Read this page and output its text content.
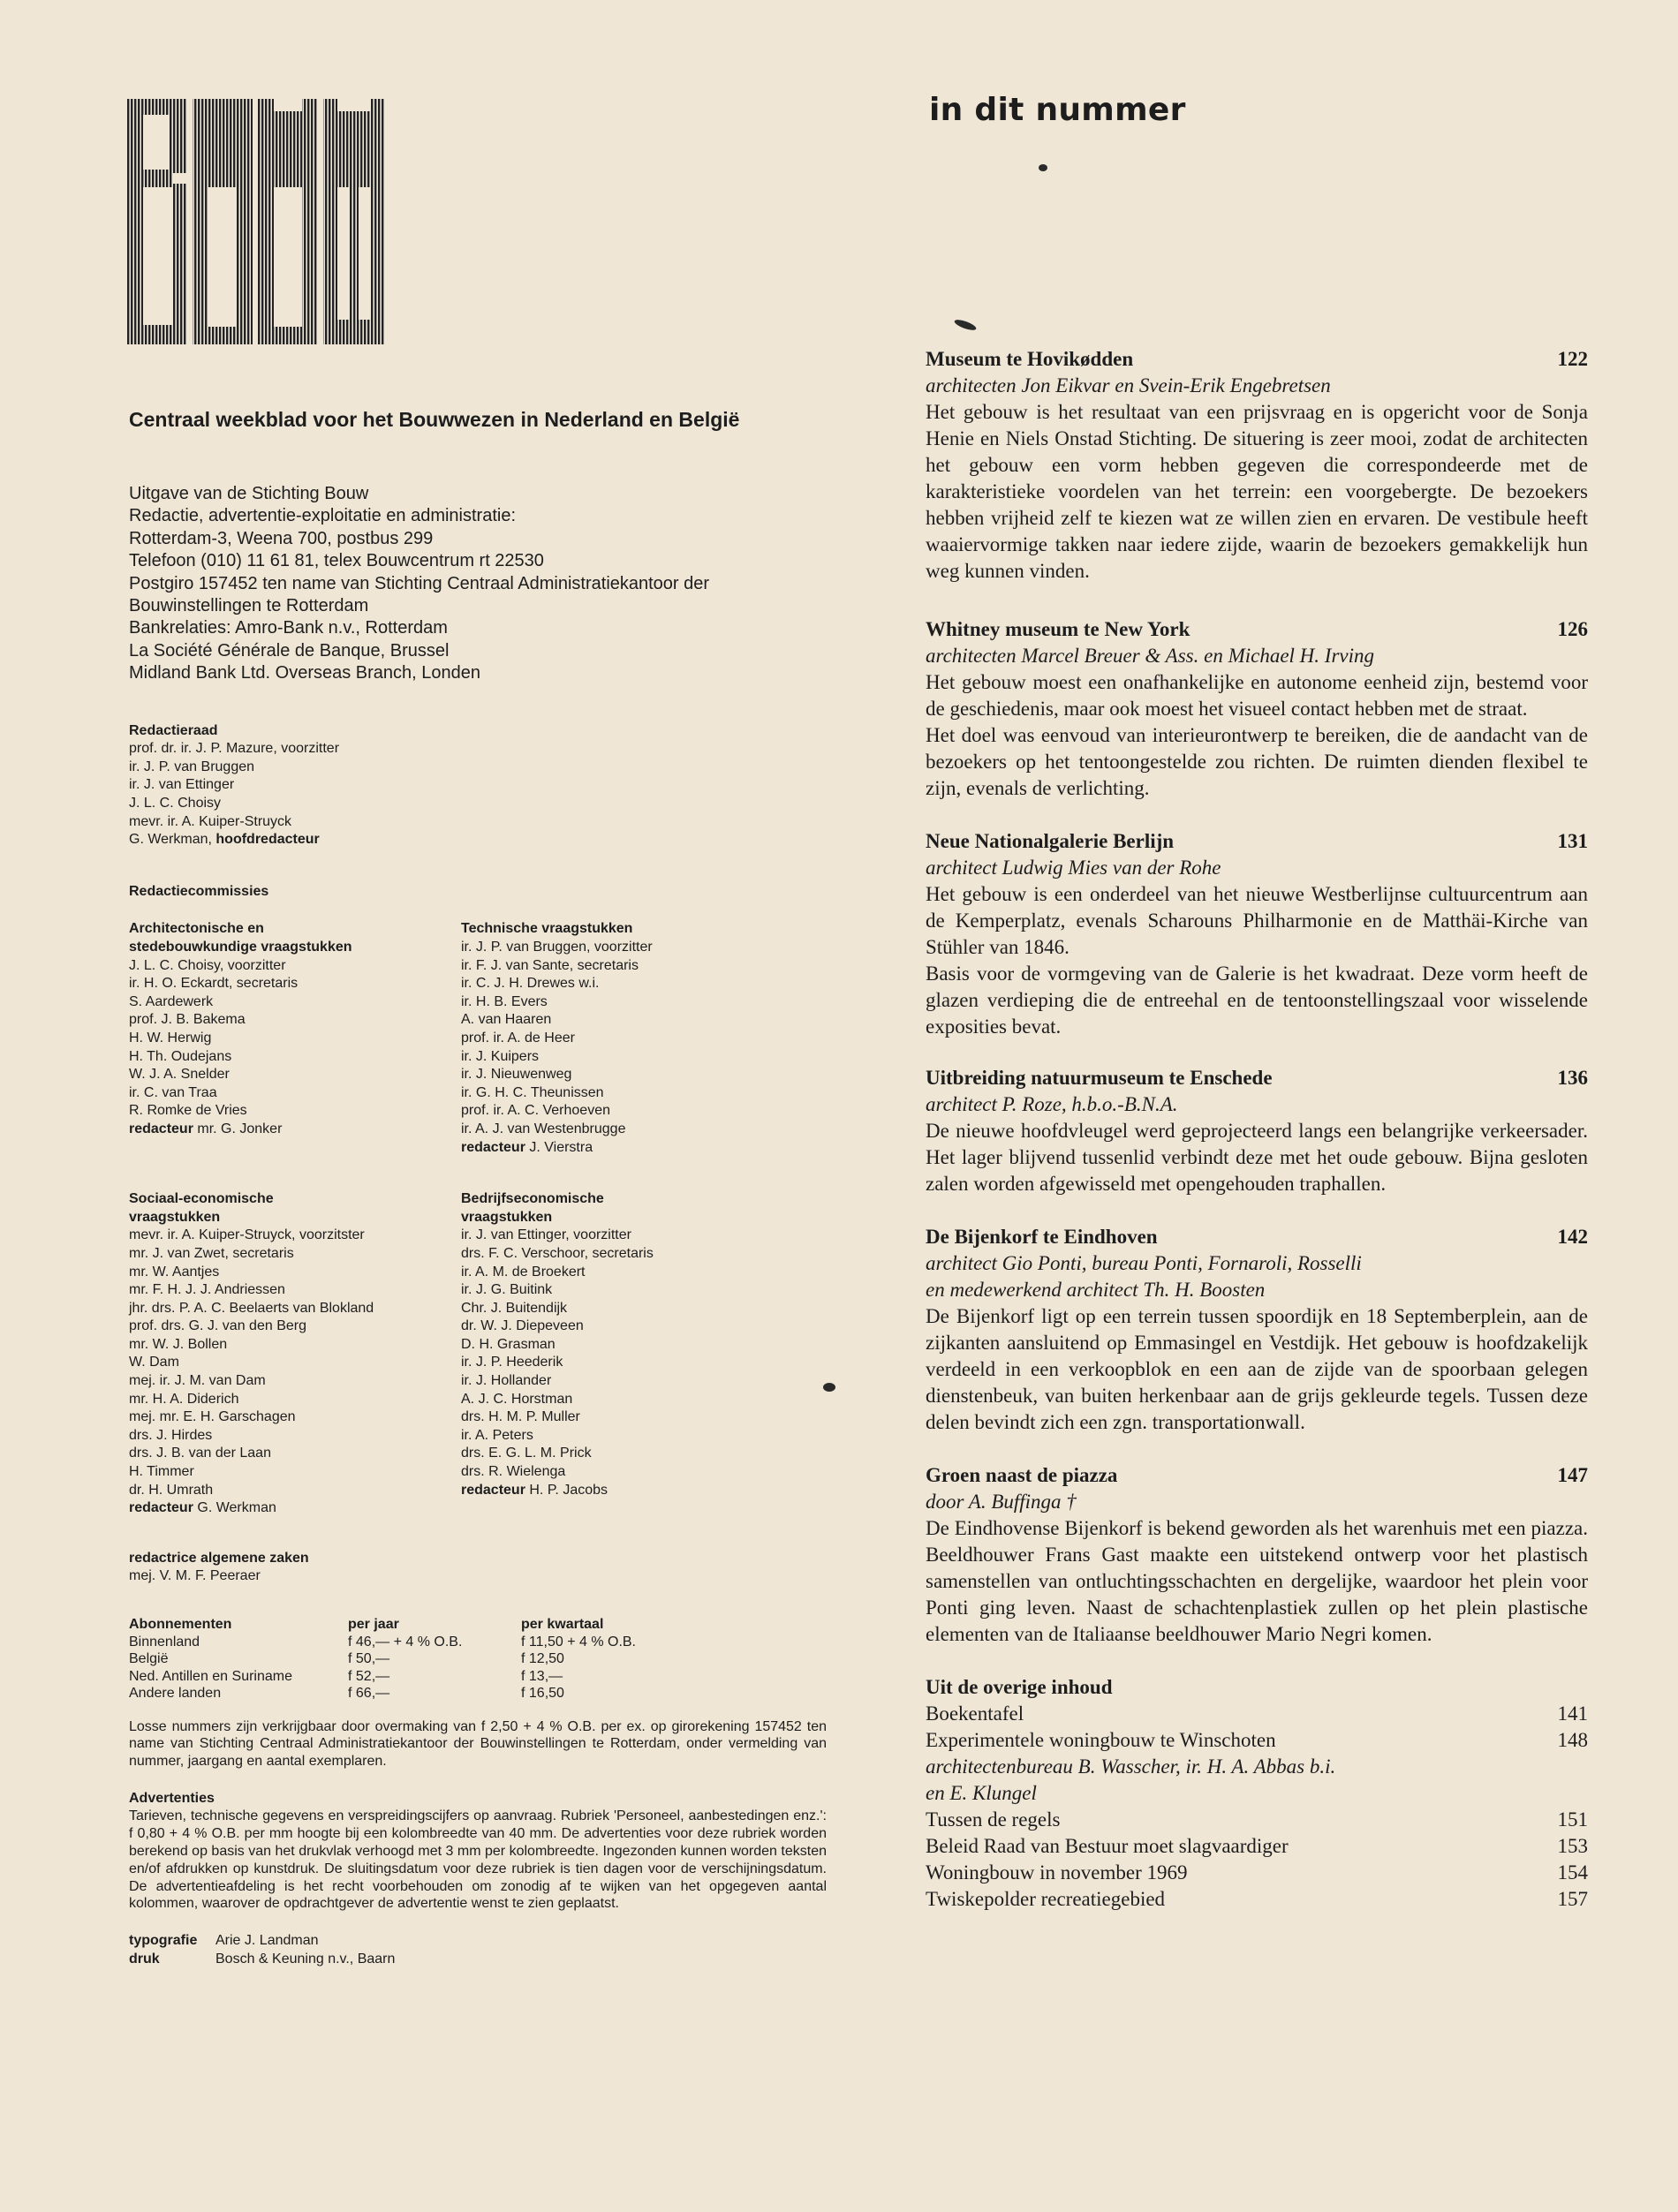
in dit nummer
Centraal weekblad voor het Bouwwezen in Nederland en België

Uitgave van de Stichting Bouw

Redactie, advertentie-exploitatie en administratie:

Rotterdam-3, Weena 700, postbus 299

Telefoon (010) 11 61 81, telex Bouwcentrum rt 22530

Postgiro 157452 ten name van Stichting Centraal Administratiekantoor der

Bouwinstellingen te Rotterdam

Bankrelaties: Amro-Bank n.v., Rotterdam

La Société Générale de Banque, Brussel

Midland Bank Ltd. Overseas Branch, Londen

Redactieraad
prof. dr. ir. J. P. Mazure, voorzitter
ir. J. P. van Bruggen
ir. J. van Ettinger
J. L. C. Choisy
mevr. ir. A. Kuiper-Struyck
G. Werkman, hoofdredacteur
Redactiecommissies
Architectonische en
stedebouwkundige vraagstukken
J. L. C. Choisy, voorzitter
ir. H. O. Eckardt, secretaris
S. Aardewerk
prof. J. B. Bakema
H. W. Herwig
H. Th. Oudejans
W. J. A. Snelder
ir. C. van Traa
R. Romke de Vries
redacteur mr. G. Jonker
Technische vraagstukken
ir. J. P. van Bruggen, voorzitter
ir. F. J. van Sante, secretaris
ir. C. J. H. Drewes w.i.
ir. H. B. Evers
A. van Haaren
prof. ir. A. de Heer
ir. J. Kuipers
ir. J. Nieuwenweg
ir. G. H. C. Theunissen
prof. ir. A. C. Verhoeven
ir. A. J. van Westenbrugge
redacteur J. Vierstra
Sociaal-economische
vraagstukken
mevr. ir. A. Kuiper-Struyck, voorzitster
mr. J. van Zwet, secretaris
mr. W. Aantjes
mr. F. H. J. J. Andriessen
jhr. drs. P. A. C. Beelaerts van Blokland
prof. drs. G. J. van den Berg
mr. W. J. Bollen
W. Dam
mej. ir. J. M. van Dam
mr. H. A. Diderich
mej. mr. E. H. Garschagen
drs. J. Hirdes
drs. J. B. van der Laan
H. Timmer
dr. H. Umrath
redacteur G. Werkman
Bedrijfseconomische
vraagstukken
ir. J. van Ettinger, voorzitter
drs. F. C. Verschoor, secretaris
ir. A. M. de Broekert
ir. J. G. Buitink
Chr. J. Buitendijk
dr. W. J. Diepeveen
D. H. Grasman
ir. J. P. Heederik
ir. J. Hollander
A. J. C. Horstman
drs. H. M. P. Muller
ir. A. Peters
drs. E. G. L. M. Prick
drs. R. Wielenga
redacteur H. P. Jacobs
redactrice algemene zaken
mej. V. M. F. Peeraer
Abonnementen	per jaar	per kwartaal
Binnenland	f 46,— + 4 % O.B.	f 11,50 + 4 % O.B.
België	f 50,—	f 12,50
Ned. Antillen en Suriname	f 52,—	f 13,—
Andere landen	f 66,—	f 16,50

Losse nummers zijn verkrijgbaar door overmaking van f 2,50 + 4 % O.B. per ex. op girorekening 157452 ten name van Stichting Centraal Administratiekantoor der Bouwinstellingen te Rotterdam, onder vermelding van nummer, jaargang en aantal exemplaren.

Advertenties

Tarieven, technische gegevens en verspreidingscijfers op aanvraag. Rubriek 'Personeel, aanbestedingen enz.': f 0,80 + 4 % O.B. per mm hoogte bij een kolombreedte van 40 mm. De advertenties voor deze rubriek worden berekend op basis van het drukvlak verhoogd met 3 mm per kolombreedte. Ingezonden kunnen worden teksten en/of afdrukken op kunstdruk. De sluitingsdatum voor deze rubriek is tien dagen voor de verschijningsdatum. De advertentieafdeling is het recht voorbehouden om zonodig af te wijken van het opgegeven aantal kolommen, waarover de opdrachtgever de advertentie wenst te zien geplaatst.

typografie Arie J. Landman
druk	Bosch & Keuning n.v., Baarn
Museum te Hovikødden	122
architecten Jon Eikvar en Svein-Erik Engebretsen

Het gebouw is het resultaat van een prijsvraag en is opgericht voor de Sonja Henie en Niels Onstad Stichting. De situering is zeer mooi, zodat de architecten het gebouw een vorm hebben gegeven die correspondeerde met de karakteristieke voordelen van het terrein: een voorgebergte. De bezoekers hebben vrijheid zelf te kiezen wat ze willen zien en ervaren. De vestibule heeft waaiervormige takken naar iedere zijde, waarin de bezoekers gemakkelijk hun weg kunnen vinden.

Whitney museum te New York	126
architecten Marcel Breuer & Ass. en Michael H. Irving

Het gebouw moest een onafhankelijke en autonome eenheid zijn, bestemd voor de geschiedenis, maar ook moest het visueel contact hebben met de straat.

Het doel was eenvoud van interieurontwerp te bereiken, die de aandacht van de bezoekers op het tentoongestelde zou richten. De ruimten dienden flexibel te zijn, evenals de verlichting.

Neue Nationalgalerie Berlijn	131
architect Ludwig Mies van der Rohe

Het gebouw is een onderdeel van het nieuwe Westberlijnse cultuurcentrum aan de Kemperplatz, evenals Scharouns Philharmonie en de Matthäi-Kirche van Stühler van 1846.

Basis voor de vormgeving van de Galerie is het kwadraat. Deze vorm heeft de glazen verdieping die de entreehal en de tentoonstellingszaal voor wisselende exposities bevat.

Uitbreiding natuurmuseum te Enschede	136
architect P. Roze, h.b.o.-B.N.A.

De nieuwe hoofdvleugel werd geprojecteerd langs een belangrijke verkeersader. Het lager blijvend tussenlid verbindt deze met het oude gebouw. Bijna gesloten zalen worden afgewisseld met opengehouden traphallen.

De Bijenkorf te Eindhoven	142
architect Gio Ponti, bureau Ponti, Fornaroli, Rosselli
en medewerkend architect Th. H. Boosten

De Bijenkorf ligt op een terrein tussen spoordijk en 18 Septemberplein, aan de zijkanten aansluitend op Emmasingel en Vestdijk. Het gebouw is hoofdzakelijk verdeeld in een verkoopblok en een aan de zijde van de spoorbaan gelegen dienstenbeuk, van buiten herkenbaar aan de grijs gekleurde tegels. Tussen deze delen bevindt zich een zgn. transportationwall.

Groen naast de piazza	147
door A. Buffinga †

De Eindhovense Bijenkorf is bekend geworden als het warenhuis met een piazza. Beeldhouwer Frans Gast maakte een uitstekend ontwerp voor het plastisch samenstellen van ontluchtingsschachten en dergelijke, waardoor het plein voor Ponti ging leven. Naast de schachtenplastiek zullen op het plein plastische elementen van de Italiaanse beeldhouwer Mario Negri komen.

Uit de overige inhoud
Boekentafel	141
Experimentele woningbouw te Winschoten	148
architectenbureau B. Wasscher, ir. H. A. Abbas b.i.
en E. Klungel
Tussen de regels	151
Beleid Raad van Bestuur moet slagvaardiger	153
Woningbouw in november 1969	154
Twiskepolder recreatiegebied	157
